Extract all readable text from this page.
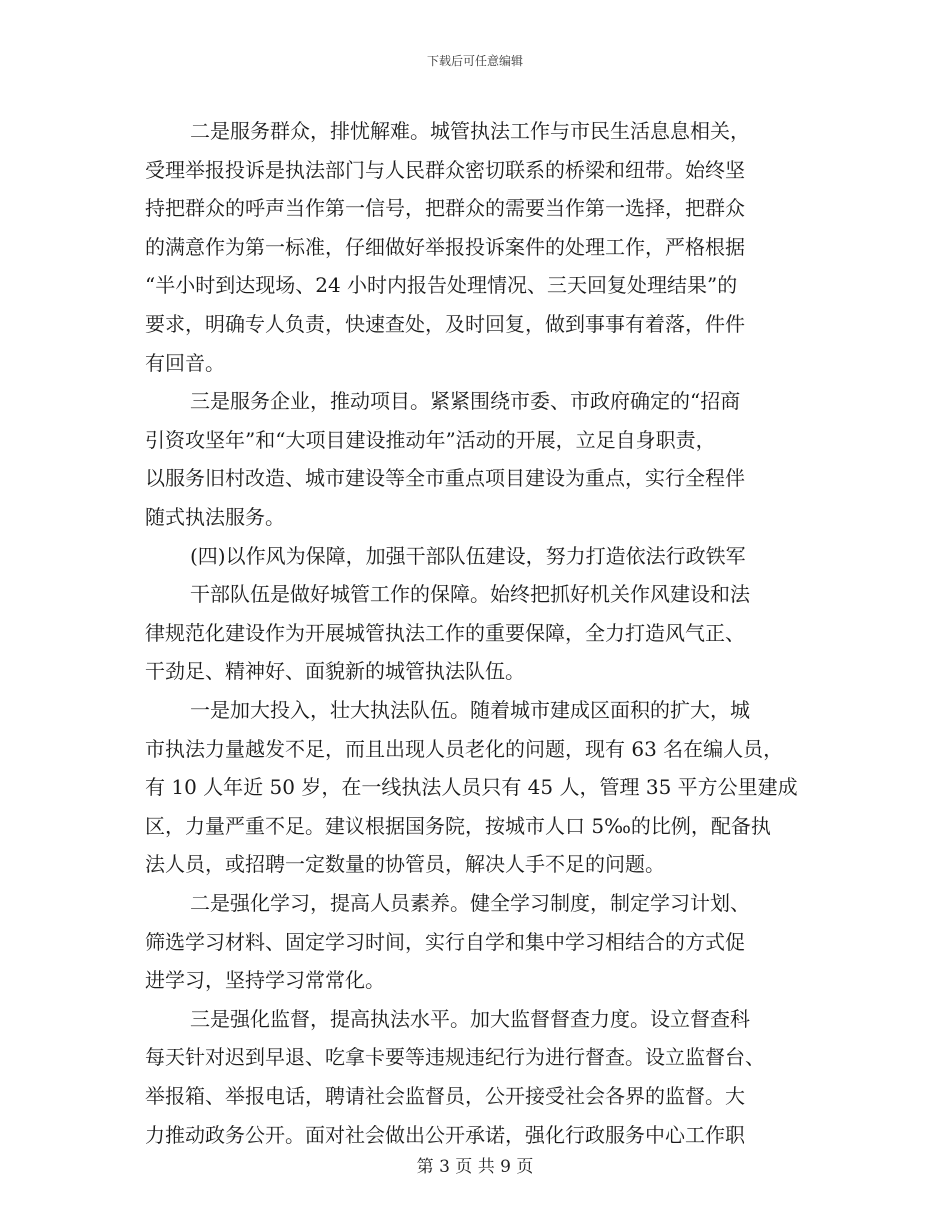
下载后可任意编辑
二是服务群众，排忧解难。城管执法工作与市民生活息息相关，
受理举报投诉是执法部门与人民群众密切联系的桥梁和纽带。始终坚
持把群众的呼声当作第一信号，把群众的需要当作第一选择，把群众
的满意作为第一标准，仔细做好举报投诉案件的处理工作，严格根据
“半小时到达现场、24 小时内报告处理情况、三天回复处理结果”的
要求，明确专人负责，快速查处，及时回复，做到事事有着落，件件
有回音。
三是服务企业，推动项目。紧紧围绕市委、市政府确定的“招商
引资攻坚年”和“大项目建设推动年”活动的开展，立足自身职责，
以服务旧村改造、城市建设等全市重点项目建设为重点，实行全程伴
随式执法服务。
(四)以作风为保障，加强干部队伍建设，努力打造依法行政铁军
干部队伍是做好城管工作的保障。始终把抓好机关作风建设和法
律规范化建设作为开展城管执法工作的重要保障，全力打造风气正、
干劲足、精神好、面貌新的城管执法队伍。
一是加大投入，壮大执法队伍。随着城市建成区面积的扩大，城
市执法力量越发不足，而且出现人员老化的问题，现有 63 名在编人员，
有 10 人年近 50 岁，在一线执法人员只有 45 人，管理 35 平方公里建成
区，力量严重不足。建议根据国务院，按城市人口 5‰的比例，配备执
法人员，或招聘一定数量的协管员，解决人手不足的问题。
二是强化学习，提高人员素养。健全学习制度，制定学习计划、
筛选学习材料、固定学习时间，实行自学和集中学习相结合的方式促
进学习，坚持学习常常化。
三是强化监督，提高执法水平。加大监督督查力度。设立督查科
每天针对迟到早退、吃拿卡要等违规违纪行为进行督查。设立监督台、
举报箱、举报电话，聘请社会监督员，公开接受社会各界的监督。大
力推动政务公开。面对社会做出公开承诺，强化行政服务中心工作职
第 3 页 共 9 页
